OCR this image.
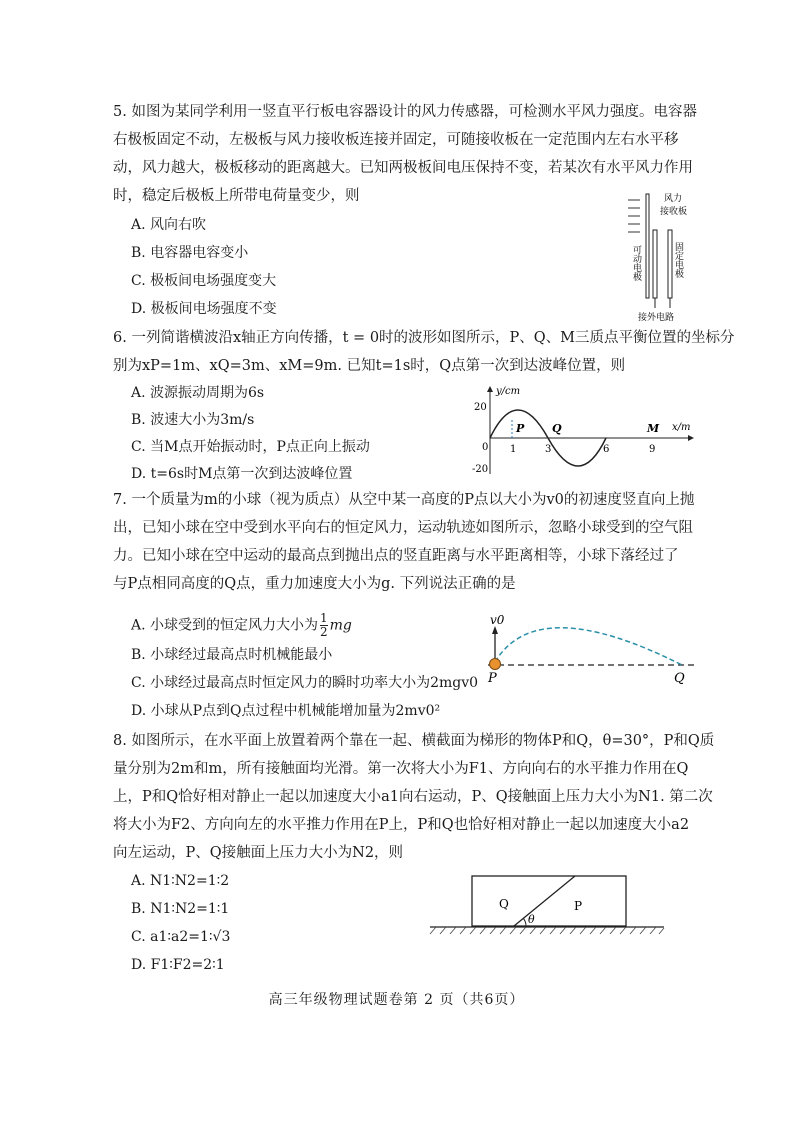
5. 如图为某同学利用一竖直平行板电容器设计的风力传感器，可检测水平风力强度。电容器
右极板固定不动，左极板与风力接收板连接并固定，可随接收板在一定范围内左右水平移
动，风力越大，极板移动的距离越大。已知两极板间电压保持不变，若某次有水平风力作用
时，稳定后极板上所带电荷量变少，则
A. 风向右吹
B. 电容器电容变小
C. 极板间电场强度变大
D. 极板间电场强度不变
风力
接收板
可动电极	固定电极
接外电路
6. 一列简谐横波沿x轴正方向传播，t = 0时的波形如图所示，P、Q、M三质点平衡位置的坐标分
别为xP=1m、xQ=3m、xM=9m. 已知t=1s时，Q点第一次到达波峰位置，则
A. 波源振动周期为6s
B. 波速大小为3m/s
C. 当M点开始振动时，P点正向上振动
D. t=6s时M点第一次到达波峰位置
y/cm
x/m
20
-20
0 1	3	6	9
P	Q	M
7. 一个质量为m的小球（视为质点）从空中某一高度的P点以大小为v0的初速度竖直向上抛
出，已知小球在空中受到水平向右的恒定风力，运动轨迹如图所示，忽略小球受到的空气阻
力。已知小球在空中运动的最高点到抛出点的竖直距离与水平距离相等，小球下落经过了
与P点相同高度的Q点，重力加速度大小为g. 下列说法正确的是
A. 小球受到的恒定风力大小为 $\frac{1}{2}$ mg
B. 小球经过最高点时机械能最小
C. 小球经过最高点时恒定风力的瞬时功率大小为2mgv0
D. 小球从P点到Q点过程中机械能增加量为2mv0²
v0
P	Q
8. 如图所示，在水平面上放置着两个靠在一起、横截面为梯形的物体P和Q，θ=30°，P和Q质
量分别为2m和m，所有接触面均光滑。第一次将大小为F1、方向向右的水平推力作用在Q
上，P和Q恰好相对静止一起以加速度大小a1向右运动，P、Q接触面上压力大小为N1. 第二次
将大小为F2、方向向左的水平推力作用在P上，P和Q也恰好相对静止一起以加速度大小a2
向左运动，P、Q接触面上压力大小为N2，则
A. N1∶N2=1∶2
B. N1∶N2=1∶1
C. a1∶a2=1∶√3
D. F1∶F2=2∶1
Q	P
θ
高三年级物理试题卷第 2 页（共6页）
